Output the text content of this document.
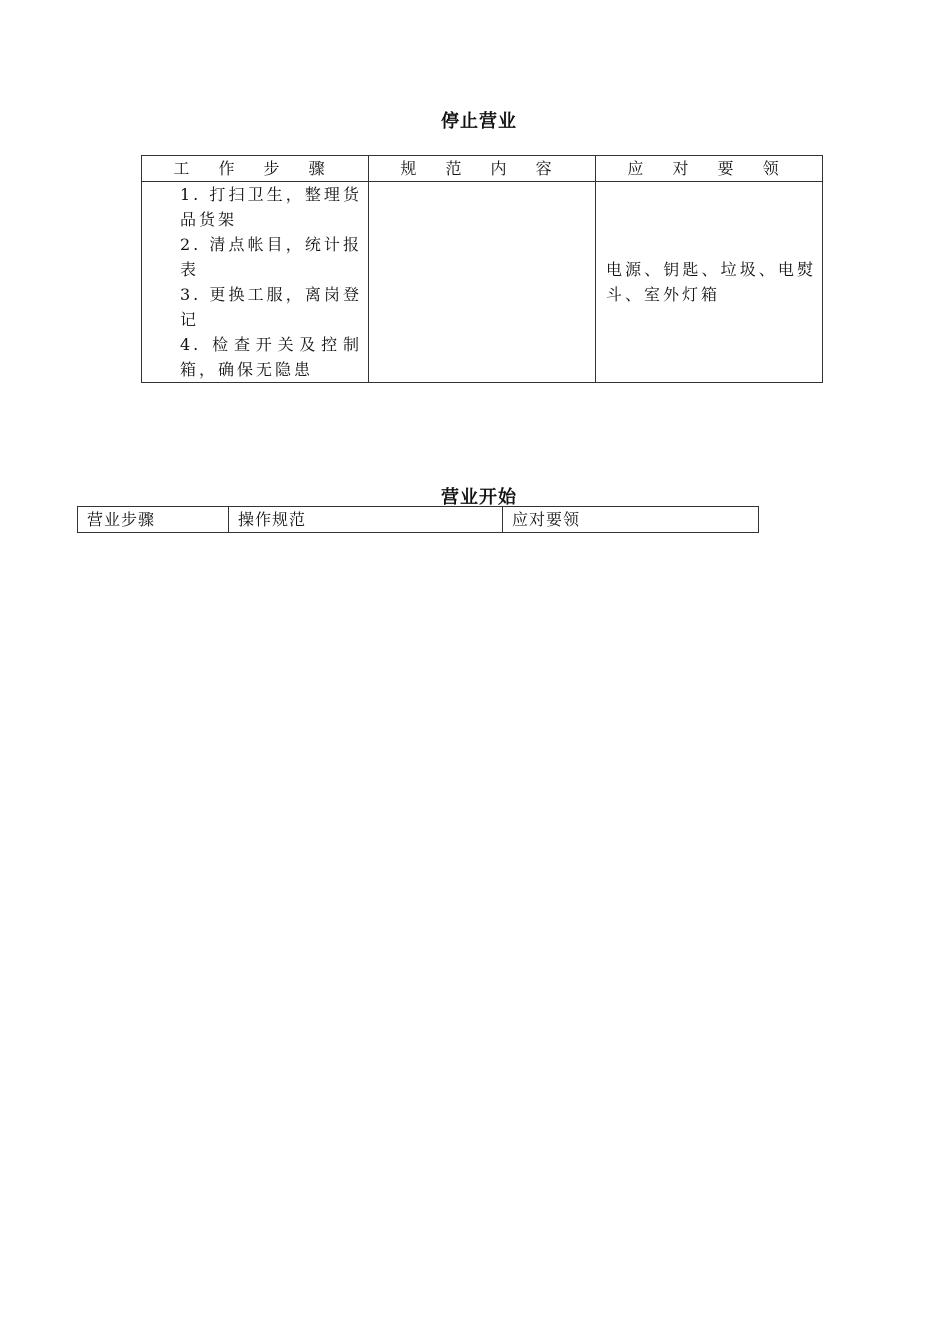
停止营业
工 作 步 骤	规 范 内 容	应 对 要 领

1. 打扫卫生，整理货品货架
2. 清点帐目，统计报表
3. 更换工服，离岗登记
4. 检查开关及控制箱，确保无隐患		电源、钥匙、垃圾、电熨斗、室外灯箱
营业开始
营业步骤	操作规范	应对要领
